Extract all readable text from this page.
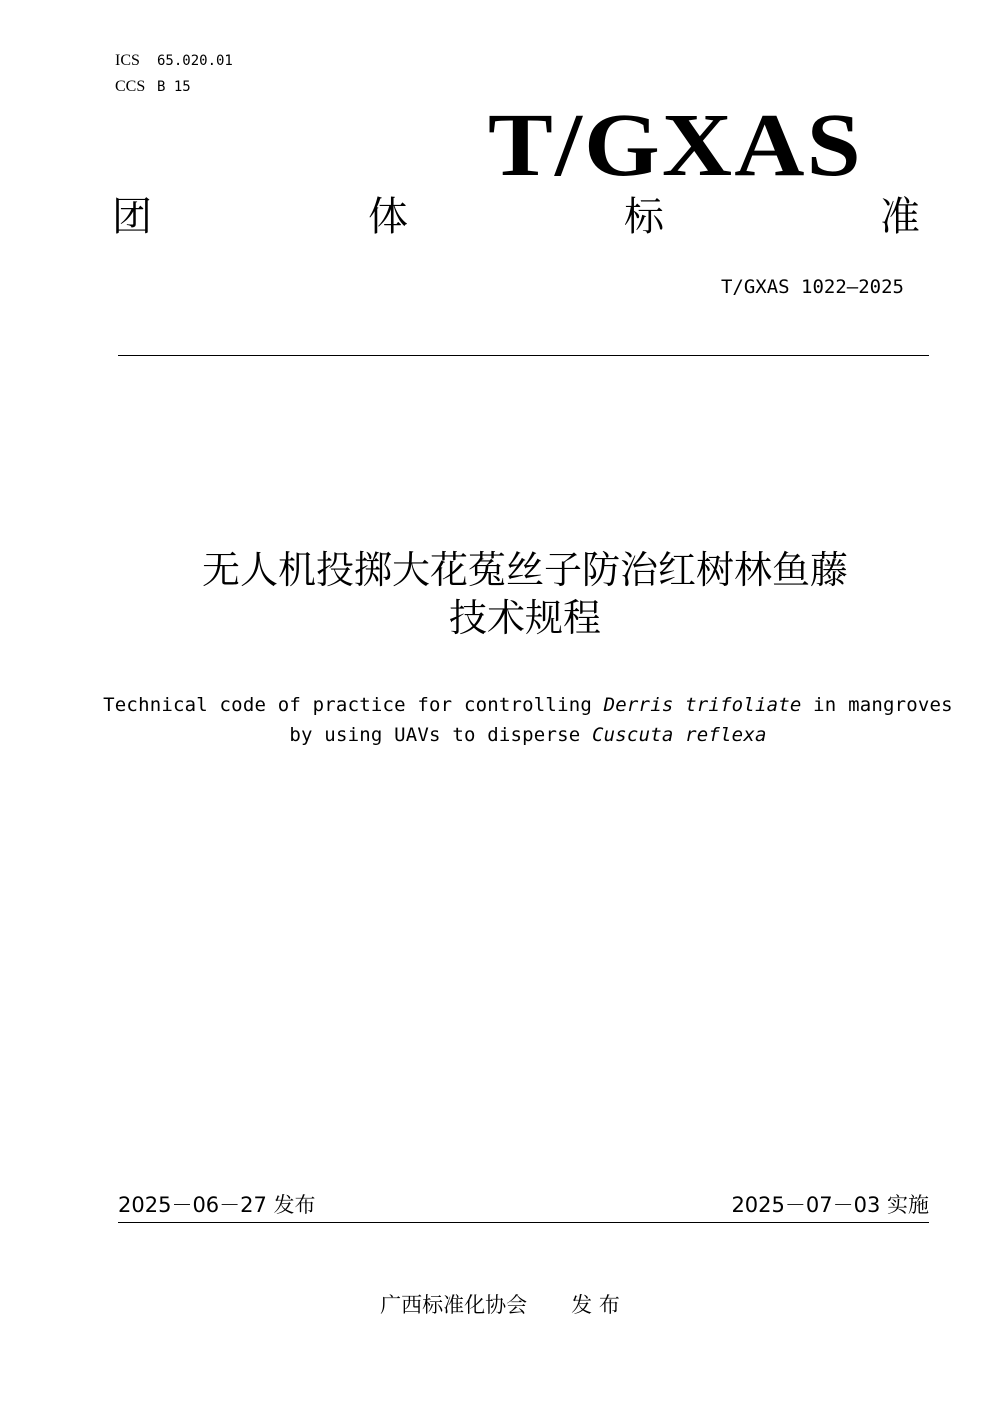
ICS	65.020.01
CCS B 15
T/GXAS
团	体	标	准
T/GXAS 1022—2025
无人机投掷大花菟丝子防治红树林鱼藤
技术规程
Technical code of practice for controlling Derris trifoliate in mangroves
by using UAVs to disperse Cuscuta reflexa
2025－06－27 发布	2025－07－03 实施
广西标准化协会 发 布
